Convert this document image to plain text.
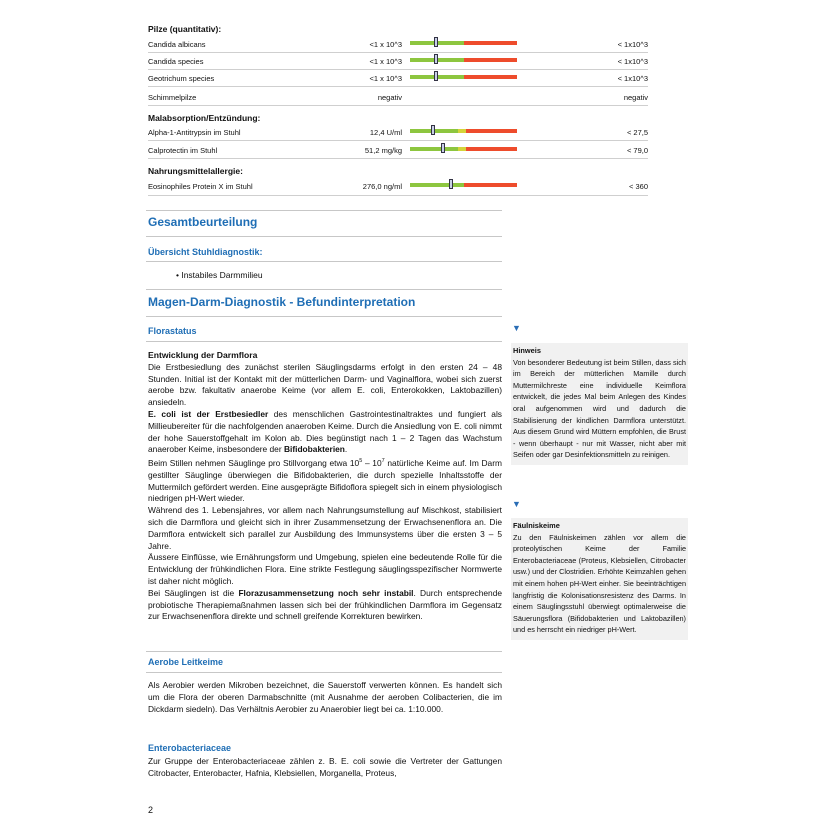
Pilze (quantitativ):
Candida albicans	<1 x 10^3	< 1x10^3
Candida species	<1 x 10^3	< 1x10^3
Geotrichum species	<1 x 10^3	< 1x10^3
Schimmelpilze	negativ	negativ
Malabsorption/Entzündung:
Alpha-1-Antitrypsin im Stuhl	12,4 U/ml	< 27,5
Calprotectin im Stuhl	51,2 mg/kg	< 79,0
Nahrungsmittelallergie:
Eosinophiles Protein X im Stuhl	276,0 ng/ml	< 360
Gesamtbeurteilung
Übersicht Stuhldiagnostik:
• Instabiles Darmmilieu
Magen-Darm-Diagnostik - Befundinterpretation
Florastatus
Entwicklung der Darmflora
Die Erstbesiedlung des zunächst sterilen Säuglingsdarms erfolgt in den ersten 24 – 48 Stunden. Initial ist der Kontakt mit der mütterlichen Darm- und Vaginalflora, wobei sich zuerst aerobe bzw. fakultativ anaerobe Keime (vor allem E. coli, Enterokokken, Laktobazillen) ansiedeln.
E. coli ist der Erstbesiedler des menschlichen Gastrointestinaltraktes und fungiert als Millieubereiter für die nachfolgenden anaeroben Keime. Durch die Ansiedlung von E. coli nimmt der hohe Sauerstoffgehalt im Kolon ab. Dies begünstigt nach 1 – 2 Tagen das Wachstum anaerober Keime, insbesondere der Bifidobakterien.
Beim Stillen nehmen Säuglinge pro Stillvorgang etwa $10^5 - 10^7$ natürliche Keime auf. Im Darm gestillter Säuglinge überwiegen die Bifidobakterien, die durch spezielle Inhaltsstoffe der Muttermilch gefördert werden. Eine ausgeprägte Bifidoflora spiegelt sich in einem physiologisch niedrigen pH-Wert wieder.
Während des 1. Lebensjahres, vor allem nach Nahrungsumstellung auf Mischkost, stabilisiert sich die Darmflora und gleicht sich in ihrer Zusammensetzung der Erwachsenenflora an. Die Darmflora entwickelt sich parallel zur Ausbildung des Immunsystems über die ersten 3 – 5 Jahre.
Äussere Einflüsse, wie Ernährungsform und Umgebung, spielen eine bedeutende Rolle für die Entwicklung der frühkindlichen Flora. Eine strikte Festlegung säuglingsspezifischer Normwerte ist daher nicht möglich.
Bei Säuglingen ist die Florazusammensetzung noch sehr instabil. Durch entsprechende probiotische Therapiemaßnahmen lassen sich bei der frühkindlichen Darmflora im Gegensatz zur Erwachsenenflora direkte und schnell greifende Korrekturen bewirken.
Aerobe Leitkeime
Als Aerobier werden Mikroben bezeichnet, die Sauerstoff verwerten können. Es handelt sich um die Flora der oberen Darmabschnitte (mit Ausnahme der aeroben Colibacterien, die im Dickdarm siedeln). Das Verhältnis Aerobier zu Anaerobier liegt bei ca. 1:10.000.
Enterobacteriaceae
Zur Gruppe der Enterobacteriaceae zählen z. B. E. coli sowie die Vertreter der Gattungen Citrobacter, Enterobacter, Hafnia, Klebsiellen, Morganella, Proteus,
▼
Hinweis
Von besonderer Bedeutung ist beim Stillen, dass sich im Bereich der mütterlichen Mamille durch Muttermilchreste eine individuelle Keimflora entwickelt, die jedes Mal beim Anlegen des Kindes oral aufgenommen wird und dadurch die Stabilisierung der kindlichen Darmflora unterstützt. Aus diesem Grund wird Müttern empfohlen, die Brust - wenn überhaupt - nur mit Wasser, nicht aber mit Seifen oder gar Desinfektionsmitteln zu reinigen.
▼
Fäulniskeime
Zu den Fäulniskeimen zählen vor allem die proteolytischen Keime der Familie Enterobacteriaceae (Proteus, Klebsiellen, Citrobacter usw.) und der Clostridien. Erhöhte Keimzahlen gehen mit einem hohen pH-Wert einher. Sie beeinträchtigen langfristig die Kolonisationsresistenz des Darms. In einem Säuglingsstuhl überwiegt optimalerweise die Säuerungsflora (Bifidobakterien und Laktobazillen) und es herrscht ein niedriger pH-Wert.
2
